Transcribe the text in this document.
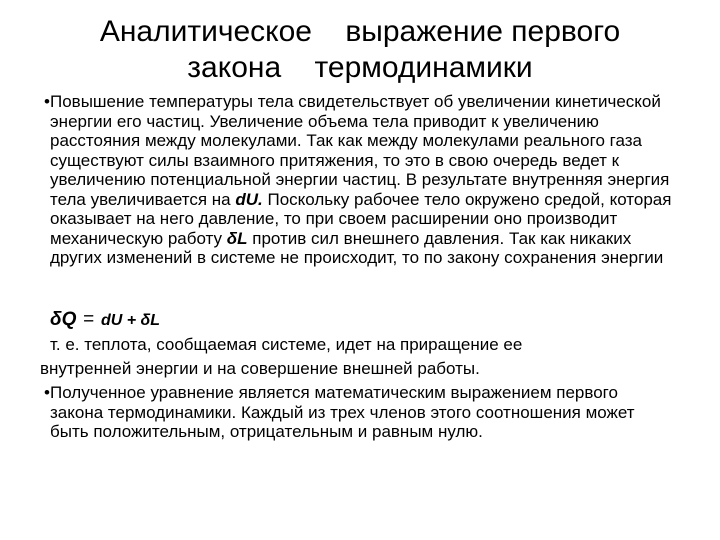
Аналитическое    выражение первого
закона    термодинамики
• Повышение температуры тела свидетельствует об увеличении кинетической энергии его частиц. Увеличение объема тела приводит к увеличению расстояния между молекулами. Так как между молекулами реального газа существуют силы взаимного притяжения, то это в свою очередь ведет к увеличению потенциальной энергии частиц. В результате внутренняя энергия тела увеличивается на dU. Поскольку рабочее тело окружено средой, которая оказывает на него давление, то при своем расширении оно производит механическую работу δL против сил внешнего давления. Так как никаких других изменений в системе не происходит, то по закону сохранения энергии
δQ = dU + δL
т. е. теплота, сообщаемая системе, идет на приращение ее
внутренней энергии и на совершение внешней работы.
• Полученное уравнение является математическим выражением первого закона термодинамики. Каждый из трех членов этого соотношения может быть положительным, отрицательным и равным нулю.
